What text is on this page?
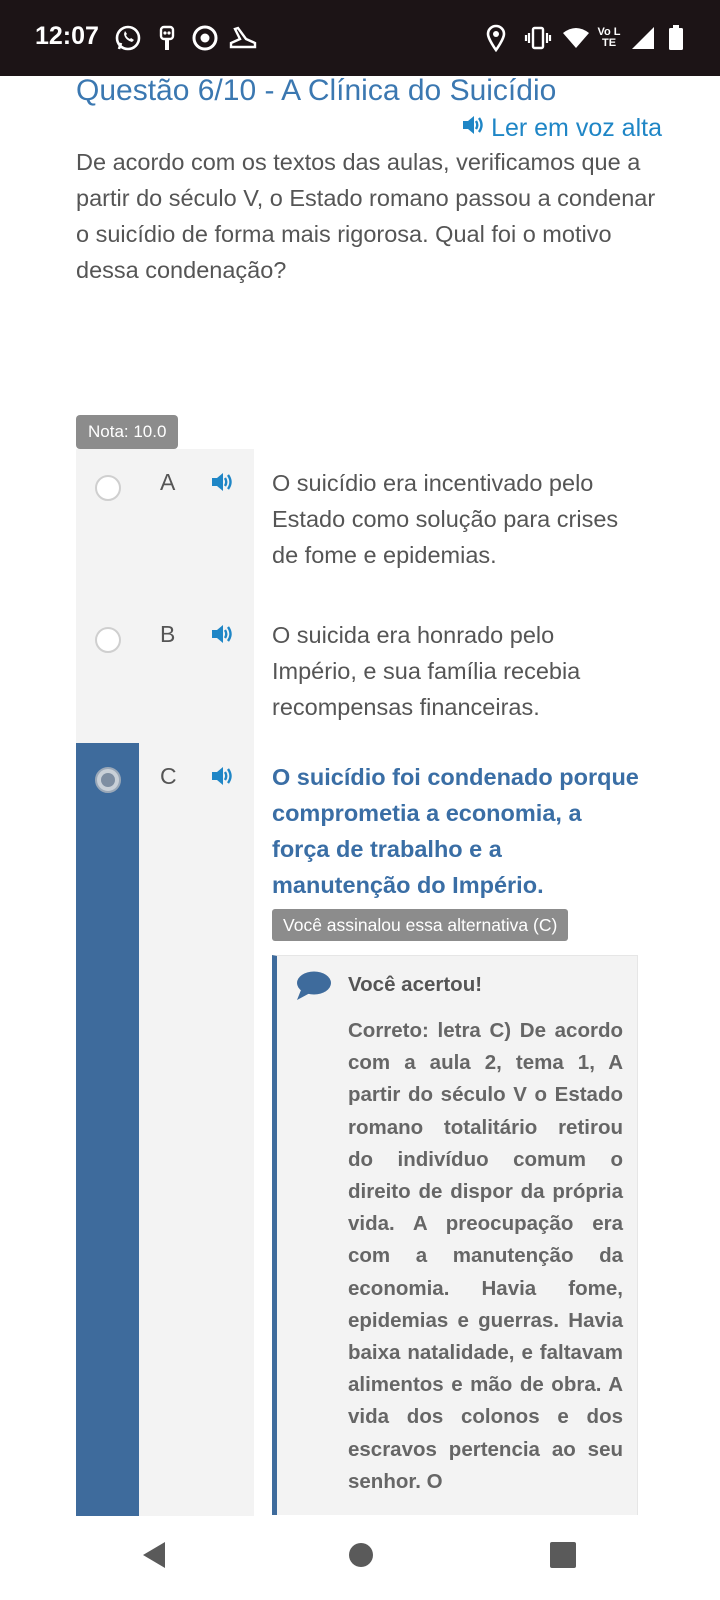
12:07	Vo LTE
Questão 6/10 - A Clínica do Suicídio
Ler em voz alta
De acordo com os textos das aulas, verificamos que a partir do século V, o Estado romano passou a condenar o suicídio de forma mais rigorosa. Qual foi o motivo dessa condenação?
Nota: 10.0
A	O suicídio era incentivado pelo Estado como solução para crises de fome e epidemias.
B	O suicida era honrado pelo Império, e sua família recebia recompensas financeiras.
C	O suicídio foi condenado porque comprometia a economia, a força de trabalho e a manutenção do Império.
Você assinalou essa alternativa (C)
Você acertou!
Correto: letra C) De acordo com a aula 2, tema 1, A partir do século V o Estado romano totalitário retirou do indivíduo comum o direito de dispor da própria vida. A preocupação era com a manutenção da economia. Havia fome, epidemias e guerras. Havia baixa natalidade, e faltavam alimentos e mão de obra. A vida dos colonos e dos escravos pertencia ao seu senhor. O
